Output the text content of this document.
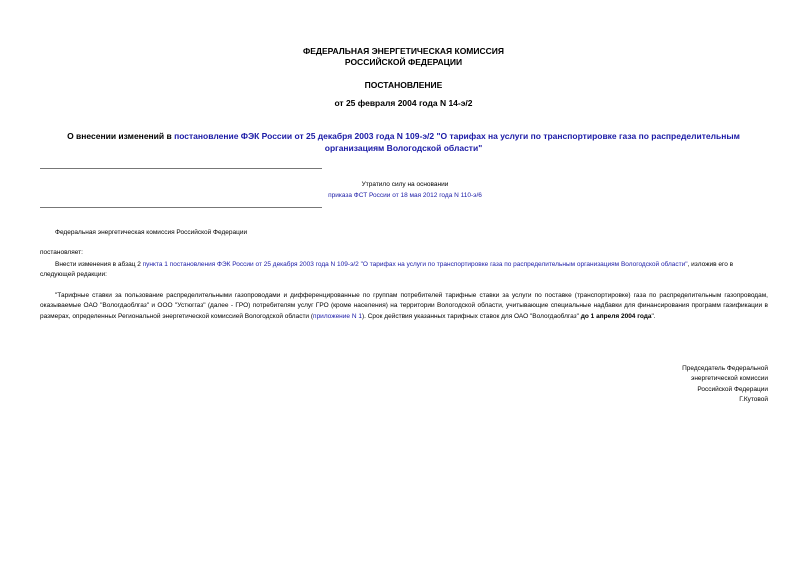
ФЕДЕРАЛЬНАЯ ЭНЕРГЕТИЧЕСКАЯ КОМИССИЯ
РОССИЙСКОЙ ФЕДЕРАЦИИ
ПОСТАНОВЛЕНИЕ
от 25 февраля 2004 года N 14-э/2
О внесении изменений в постановление ФЭК России от 25 декабря 2003 года N 109-э/2 "О тарифах на услуги по транспортировке газа по распределительным организациям Вологодской области"
Утратило силу на основании
приказа ФСТ России от 18 мая 2012 года N 110-э/6
Федеральная энергетическая комиссия Российской Федерации
постановляет:
Внести изменения в абзац 2 пункта 1 постановления ФЭК России от 25 декабря 2003 года N 109-э/2 "О тарифах на услуги по транспортировке газа по распределительным организациям Вологодской области", изложив его в следующей редакции:
"Тарифные ставки за пользование распределительными газопроводами и дифференцированные по группам потребителей тарифные ставки за услуги по поставке (транспортировке) газа по распределительным газопроводам, оказываемые ОАО "Вологдаоблгаз" и ООО "Устюггаз" (далее - ГРО) потребителям услуг ГРО (кроме населения) на территории Вологодской области, учитывающие специальные надбавки для финансирования программ газификации в размерах, определенных Региональной энергетической комиссией Вологодской области (приложение N 1). Срок действия указанных тарифных ставок для ОАО "Вологдаоблгаз" до 1 апреля 2004 года".
Председатель Федеральной
энергетической комиссии
Российской Федерации
Г.Кутовой
